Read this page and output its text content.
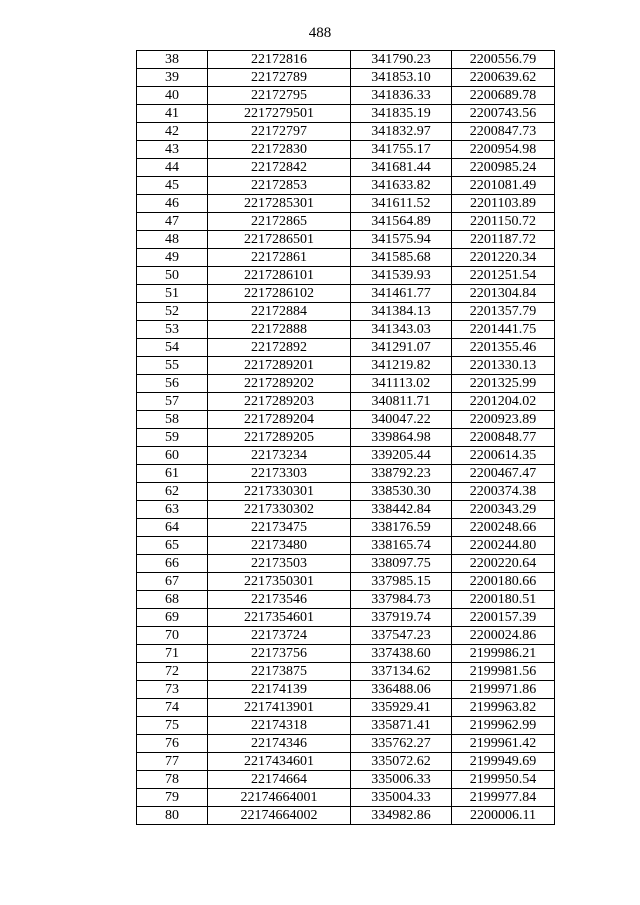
488
38	22172816	341790.23	2200556.79
39	22172789	341853.10	2200639.62
40	22172795	341836.33	2200689.78
41	2217279501	341835.19	2200743.56
42	22172797	341832.97	2200847.73
43	22172830	341755.17	2200954.98
44	22172842	341681.44	2200985.24
45	22172853	341633.82	2201081.49
46	2217285301	341611.52	2201103.89
47	22172865	341564.89	2201150.72
48	2217286501	341575.94	2201187.72
49	22172861	341585.68	2201220.34
50	2217286101	341539.93	2201251.54
51	2217286102	341461.77	2201304.84
52	22172884	341384.13	2201357.79
53	22172888	341343.03	2201441.75
54	22172892	341291.07	2201355.46
55	2217289201	341219.82	2201330.13
56	2217289202	341113.02	2201325.99
57	2217289203	340811.71	2201204.02
58	2217289204	340047.22	2200923.89
59	2217289205	339864.98	2200848.77
60	22173234	339205.44	2200614.35
61	22173303	338792.23	2200467.47
62	2217330301	338530.30	2200374.38
63	2217330302	338442.84	2200343.29
64	22173475	338176.59	2200248.66
65	22173480	338165.74	2200244.80
66	22173503	338097.75	2200220.64
67	2217350301	337985.15	2200180.66
68	22173546	337984.73	2200180.51
69	2217354601	337919.74	2200157.39
70	22173724	337547.23	2200024.86
71	22173756	337438.60	2199986.21
72	22173875	337134.62	2199981.56
73	22174139	336488.06	2199971.86
74	2217413901	335929.41	2199963.82
75	22174318	335871.41	2199962.99
76	22174346	335762.27	2199961.42
77	2217434601	335072.62	2199949.69
78	22174664	335006.33	2199950.54
79	22174664001	335004.33	2199977.84
80	22174664002	334982.86	2200006.11
